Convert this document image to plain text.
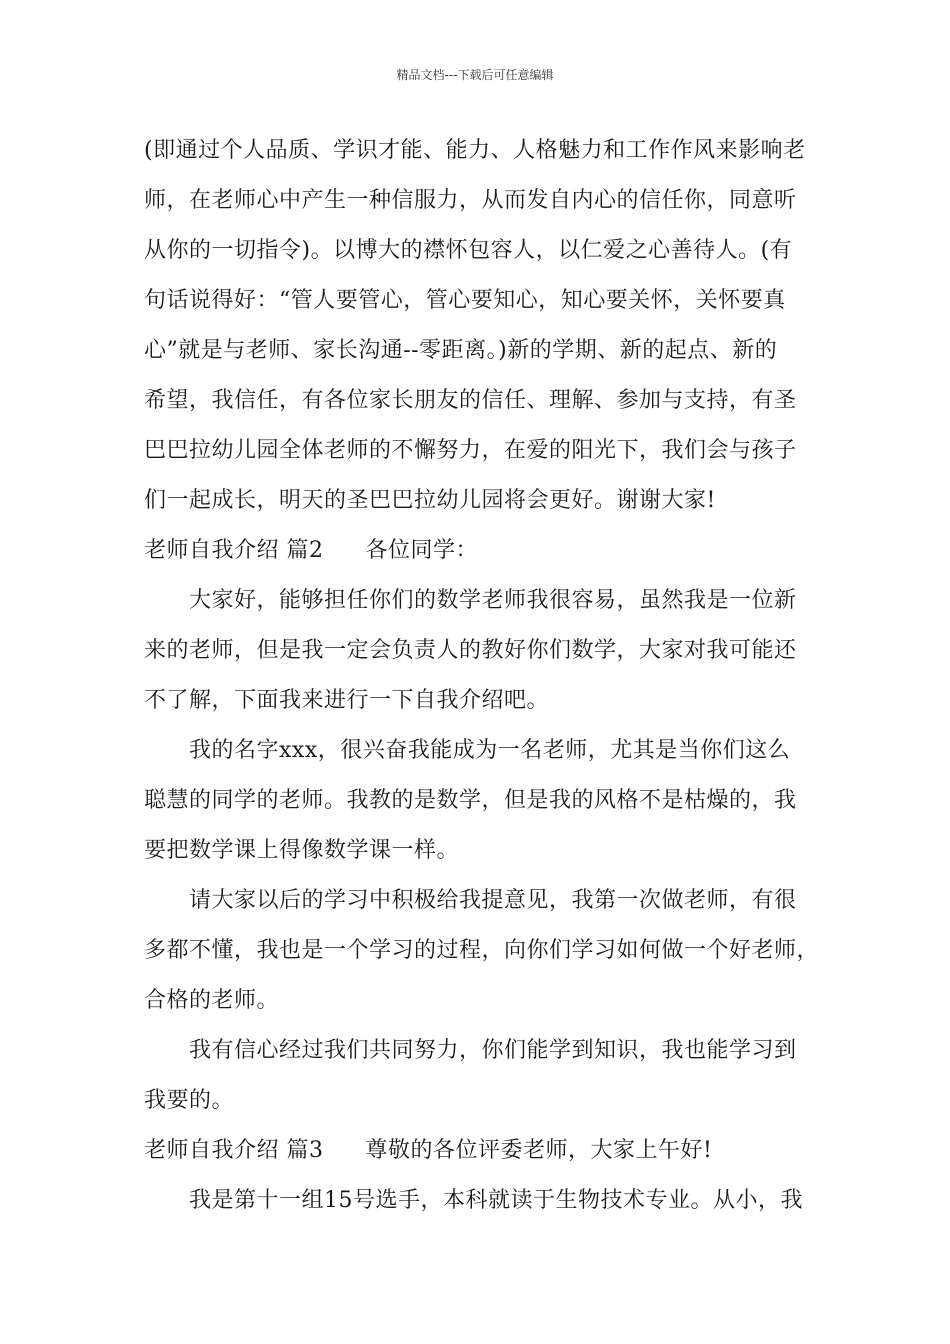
精品文档---下载后可任意编辑
(即通过个人品质、学识才能、能力、人格魅力和工作作风来影响老
师，在老师心中产生一种信服力，从而发自内心的信任你，同意听
从你的一切指令)。以博大的襟怀包容人，以仁爱之心善待人。(有
句话说得好：“管人要管心，管心要知心，知心要关怀，关怀要真
心”就是与老师、家长沟通--零距离。)新的学期、新的起点、新的
希望，我信任，有各位家长朋友的信任、理解、参加与支持，有圣
巴巴拉幼儿园全体老师的不懈努力，在爱的阳光下，我们会与孩子
们一起成长，明天的圣巴巴拉幼儿园将会更好。谢谢大家!
老师自我介绍 篇2 各位同学：
大家好，能够担任你们的数学老师我很容易，虽然我是一位新
来的老师，但是我一定会负责人的教好你们数学，大家对我可能还
不了解，下面我来进行一下自我介绍吧。
我的名字xxx，很兴奋我能成为一名老师，尤其是当你们这么
聪慧的同学的老师。我教的是数学，但是我的风格不是枯燥的，我
要把数学课上得像数学课一样。
请大家以后的学习中积极给我提意见，我第一次做老师，有很
多都不懂，我也是一个学习的过程，向你们学习如何做一个好老师，
合格的老师。
我有信心经过我们共同努力，你们能学到知识，我也能学习到
我要的。
老师自我介绍 篇3 尊敬的各位评委老师，大家上午好!
我是第十一组15号选手，本科就读于生物技术专业。从小，我
